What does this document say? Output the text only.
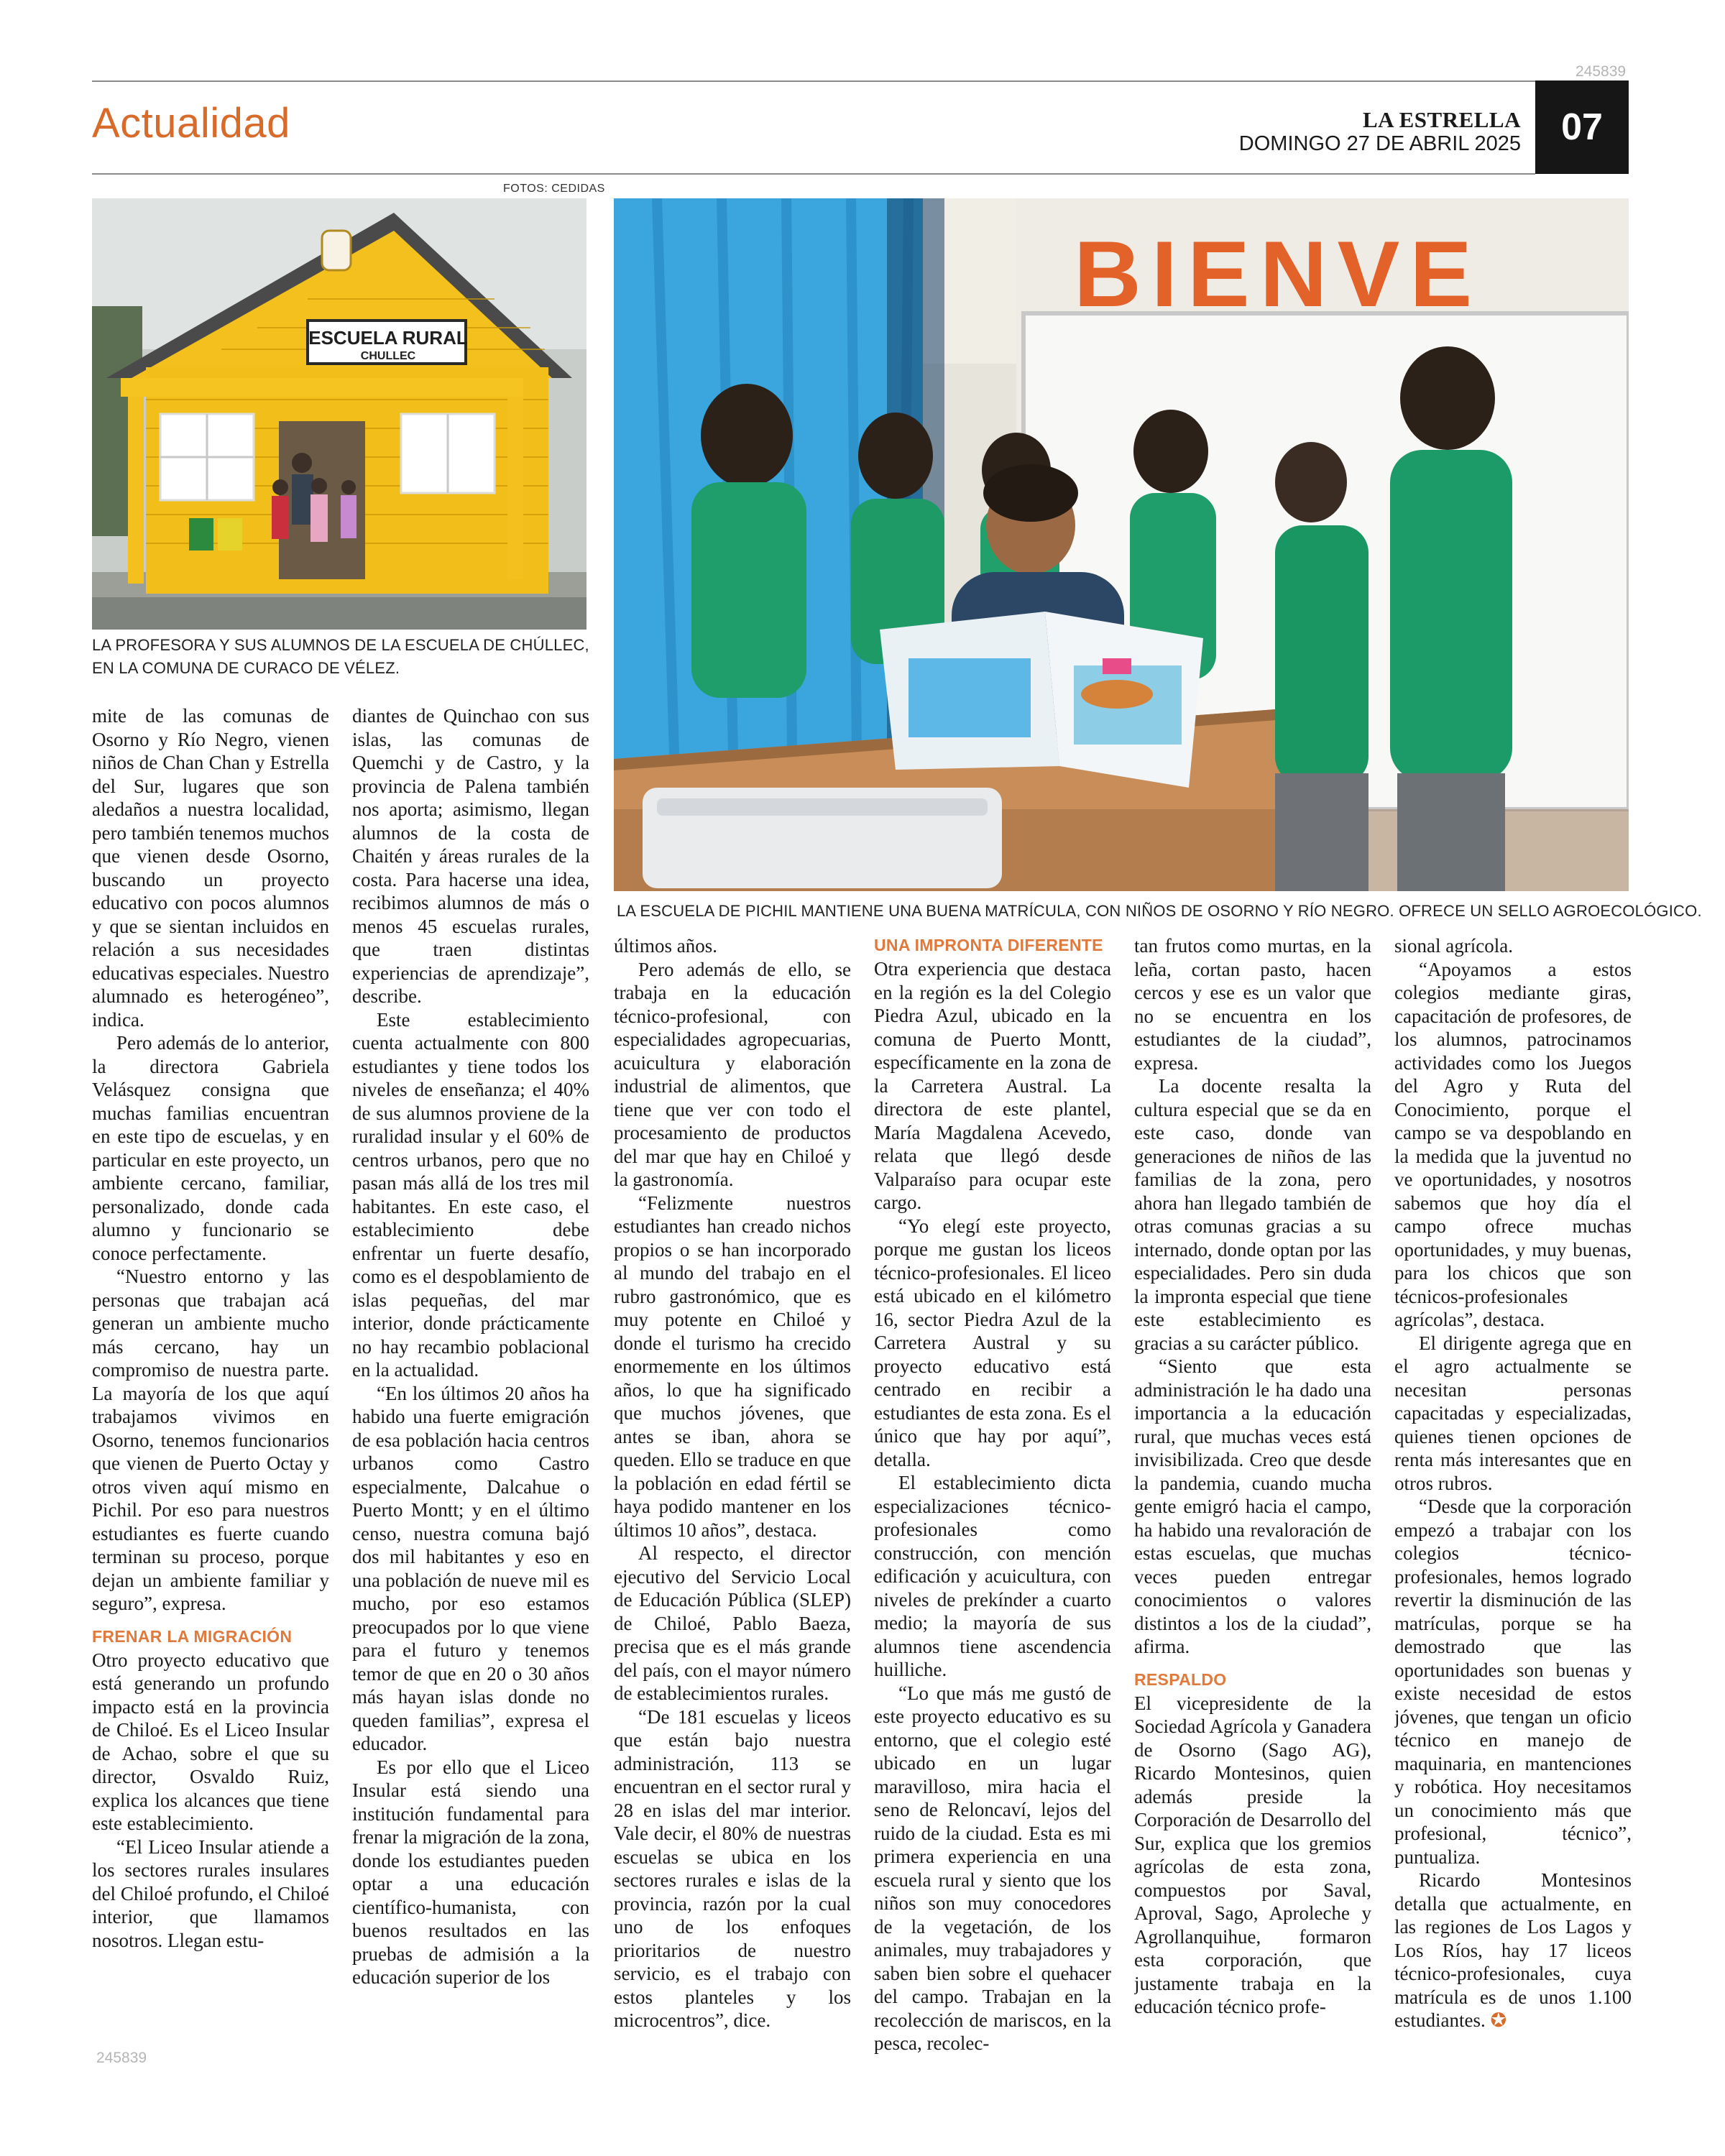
245839
Actualidad	LA ESTRELLA
DOMINGO 27 DE ABRIL 2025	07
FOTOS: CEDIDAS
ESCUELA RURAL
CHULLEC
LA PROFESORA Y SUS ALUMNOS DE LA ESCUELA DE CHÚLLEC, EN LA COMUNA DE CURACO DE VÉLEZ.
BIENVE
LA ESCUELA DE PICHIL MANTIENE UNA BUENA MATRÍCULA, CON NIÑOS DE OSORNO Y RÍO NEGRO. OFRECE UN SELLO AGROECOLÓGICO.

mite de las comunas de Osorno y Río Negro, vienen niños de Chan Chan y Estrella del Sur, lugares que son aledaños a nuestra localidad, pero también tenemos muchos que vienen desde Osorno, buscando un proyecto educativo con pocos alumnos y que se sientan incluidos en relación a sus necesidades educativas especiales. Nuestro alumnado es heterogéneo”, indica.

Pero además de lo anterior, la directora Gabriela Velásquez consigna que muchas familias encuentran en este tipo de escuelas, y en particular en este proyecto, un ambiente cercano, familiar, personalizado, donde cada alumno y funcionario se conoce perfectamente.

“Nuestro entorno y las personas que trabajan acá generan un ambiente mucho más cercano, hay un compromiso de nuestra parte. La mayoría de los que aquí trabajamos vivimos en Osorno, tenemos funcionarios que vienen de Puerto Octay y otros viven aquí mismo en Pichil. Por eso para nuestros estudiantes es fuerte cuando terminan su proceso, porque dejan un ambiente familiar y seguro”, expresa.

FRENAR LA MIGRACIÓN

Otro proyecto educativo que está generando un profundo impacto está en la provincia de Chiloé. Es el Liceo Insular de Achao, sobre el que su director, Osvaldo Ruiz, explica los alcances que tiene este establecimiento.

“El Liceo Insular atiende a los sectores rurales insulares del Chiloé profundo, el Chiloé interior, que llamamos nosotros. Llegan estu-

diantes de Quinchao con sus islas, las comunas de Quemchi y de Castro, y la provincia de Palena también nos aporta; asimismo, llegan alumnos de la costa de Chaitén y áreas rurales de la costa. Para hacerse una idea, recibimos alumnos de más o menos 45 escuelas rurales, que traen distintas experiencias de aprendizaje”, describe.

Este establecimiento cuenta actualmente con 800 estudiantes y tiene todos los niveles de enseñanza; el 40% de sus alumnos proviene de la ruralidad insular y el 60% de centros urbanos, pero que no pasan más allá de los tres mil habitantes. En este caso, el establecimiento debe enfrentar un fuerte desafío, como es el despoblamiento de islas pequeñas, del mar interior, donde prácticamente no hay recambio poblacional en la actualidad.

“En los últimos 20 años ha habido una fuerte emigración de esa población hacia centros urbanos como Castro especialmente, Dalcahue o Puerto Montt; y en el último censo, nuestra comuna bajó dos mil habitantes y eso en una población de nueve mil es mucho, por eso estamos preocupados por lo que viene para el futuro y tenemos temor de que en 20 o 30 años más hayan islas donde no queden familias”, expresa el educador.

Es por ello que el Liceo Insular está siendo una institución fundamental para frenar la migración de la zona, donde los estudiantes pueden optar a una educación científico-humanista, con buenos resultados en las pruebas de admisión a la educación superior de los

últimos años.

Pero además de ello, se trabaja en la educación técnico-profesional, con especialidades agropecuarias, acuicultura y elaboración industrial de alimentos, que tiene que ver con todo el procesamiento de productos del mar que hay en Chiloé y la gastronomía.

“Felizmente nuestros estudiantes han creado nichos propios o se han incorporado al mundo del trabajo en el rubro gastronómico, que es muy potente en Chiloé y donde el turismo ha crecido enormemente en los últimos años, lo que ha significado que muchos jóvenes, que antes se iban, ahora se queden. Ello se traduce en que la población en edad fértil se haya podido mantener en los últimos 10 años”, destaca.

Al respecto, el director ejecutivo del Servicio Local de Educación Pública (SLEP) de Chiloé, Pablo Baeza, precisa que es el más grande del país, con el mayor número de establecimientos rurales.

“De 181 escuelas y liceos que están bajo nuestra administración, 113 se encuentran en el sector rural y 28 en islas del mar interior. Vale decir, el 80% de nuestras escuelas se ubica en los sectores rurales e islas de la provincia, razón por la cual uno de los enfoques prioritarios de nuestro servicio, es el trabajo con estos planteles y los microcentros”, dice.

UNA IMPRONTA DIFERENTE

Otra experiencia que destaca en la región es la del Colegio Piedra Azul, ubicado en la comuna de Puerto Montt, específicamente en la zona de la Carretera Austral. La directora de este plantel, María Magdalena Acevedo, relata que llegó desde Valparaíso para ocupar este cargo.

“Yo elegí este proyecto, porque me gustan los liceos técnico-profesionales. El liceo está ubicado en el kilómetro 16, sector Piedra Azul de la Carretera Austral y su proyecto educativo está centrado en recibir a estudiantes de esta zona. Es el único que hay por aquí”, detalla.

El establecimiento dicta especializaciones técnico-profesionales como construcción, con mención edificación y acuicultura, con niveles de prekínder a cuarto medio; la mayoría de sus alumnos tiene ascendencia huilliche.

“Lo que más me gustó de este proyecto educativo es su entorno, que el colegio esté ubicado en un lugar maravilloso, mira hacia el seno de Reloncaví, lejos del ruido de la ciudad. Esta es mi primera experiencia en una escuela rural y siento que los niños son muy conocedores de la vegetación, de los animales, muy trabajadores y saben bien sobre el quehacer del campo. Trabajan en la recolección de mariscos, en la pesca, recolec-

tan frutos como murtas, en la leña, cortan pasto, hacen cercos y ese es un valor que no se encuentra en los estudiantes de la ciudad”, expresa.

La docente resalta la cultura especial que se da en este caso, donde van generaciones de niños de las familias de la zona, pero ahora han llegado también de otras comunas gracias a su internado, donde optan por las especialidades. Pero sin duda la impronta especial que tiene este establecimiento es gracias a su carácter público.

“Siento que esta administración le ha dado una importancia a la educación rural, que muchas veces está invisibilizada. Creo que desde la pandemia, cuando mucha gente emigró hacia el campo, ha habido una revaloración de estas escuelas, que muchas veces pueden entregar conocimientos o valores distintos a los de la ciudad”, afirma.

RESPALDO

El vicepresidente de la Sociedad Agrícola y Ganadera de Osorno (Sago AG), Ricardo Montesinos, quien además preside la Corporación de Desarrollo del Sur, explica que los gremios agrícolas de esta zona, compuestos por Saval, Aproval, Sago, Aproleche y Agrollanquihue, formaron esta corporación, que justamente trabaja en la educación técnico profe-

sional agrícola.

“Apoyamos a estos colegios mediante giras, capacitación de profesores, de los alumnos, patrocinamos actividades como los Juegos del Agro y Ruta del Conocimiento, porque el campo se va despoblando en la medida que la juventud no ve oportunidades, y nosotros sabemos que hoy día el campo ofrece muchas oportunidades, y muy buenas, para los chicos que son técnicos-profesionales agrícolas”, destaca.

El dirigente agrega que en el agro actualmente se necesitan personas capacitadas y especializadas, quienes tienen opciones de renta más interesantes que en otros rubros.

“Desde que la corporación empezó a trabajar con los colegios técnico-profesionales, hemos logrado revertir la disminución de las matrículas, porque se ha demostrado que las oportunidades son buenas y existe necesidad de estos jóvenes, que tengan un oficio técnico en manejo de maquinaria, en mantenciones y robótica. Hoy necesitamos un conocimiento más que profesional, técnico”, puntualiza.

Ricardo Montesinos detalla que actualmente, en las regiones de Los Lagos y Los Ríos, hay 17 liceos técnico-profesionales, cuya matrícula es de unos 1.100 estudiantes. ✪

245839
